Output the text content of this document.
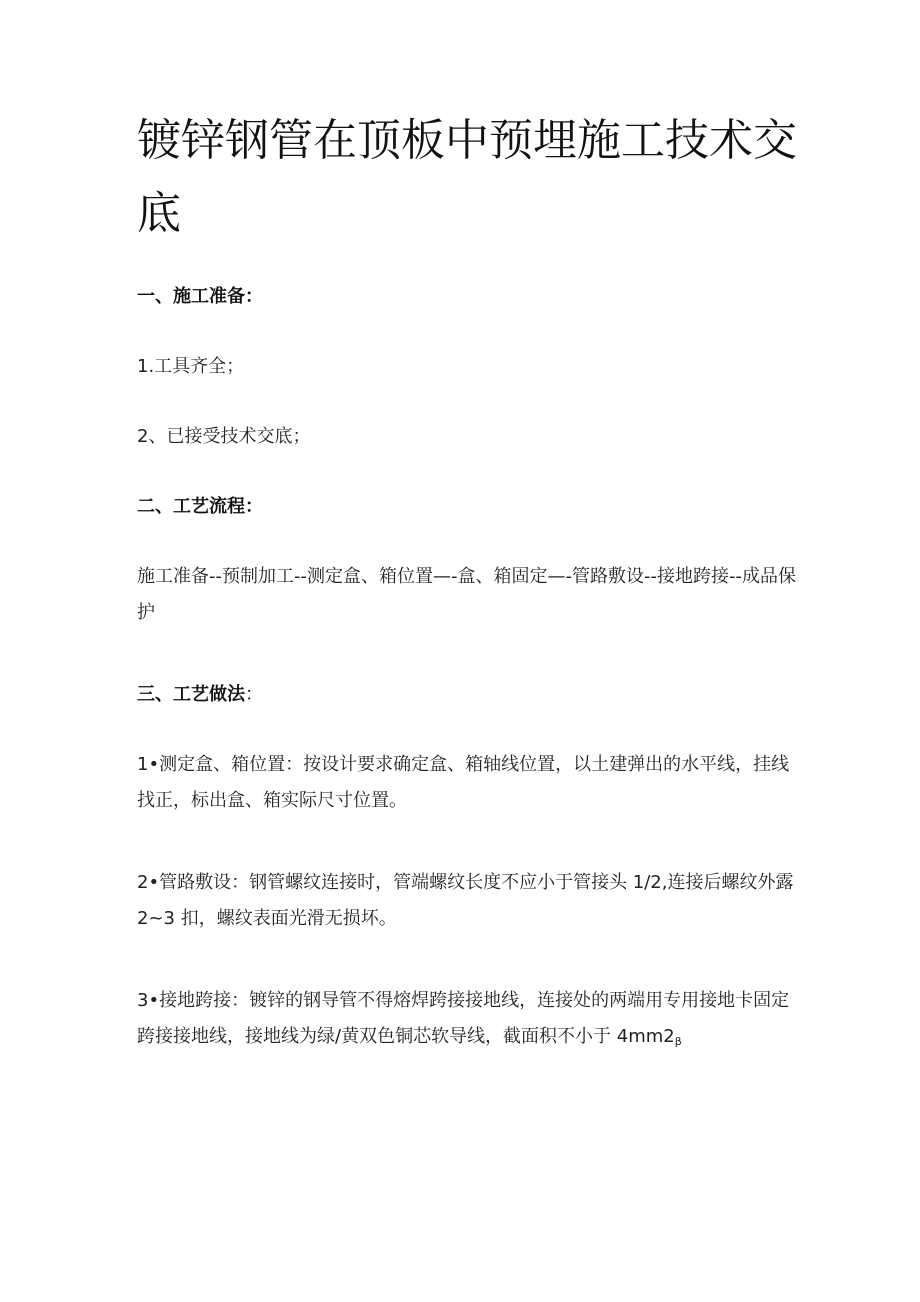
镀锌钢管在顶板中预埋施工技术交底

一、施工准备：

1.工具齐全；

2、已接受技术交底；

二、工艺流程：

施工准备--预制加工--测定盒、箱位置—-盒、箱固定—-管路敷设--接地跨接--成品保护

三、工艺做法：

1•测定盒、箱位置：按设计要求确定盒、箱轴线位置，以土建弹出的水平线，挂线找正，标出盒、箱实际尺寸位置。

2•管路敷设：钢管螺纹连接时，管端螺纹长度不应小于管接头 1/2,连接后螺纹外露 2~3 扣，螺纹表面光滑无损坏。

3•接地跨接：镀锌的钢导管不得熔焊跨接接地线，连接处的两端用专用接地卡固定跨接接地线，接地线为绿/黄双色铜芯软导线，截面积不小于 $4mm2_\beta$
